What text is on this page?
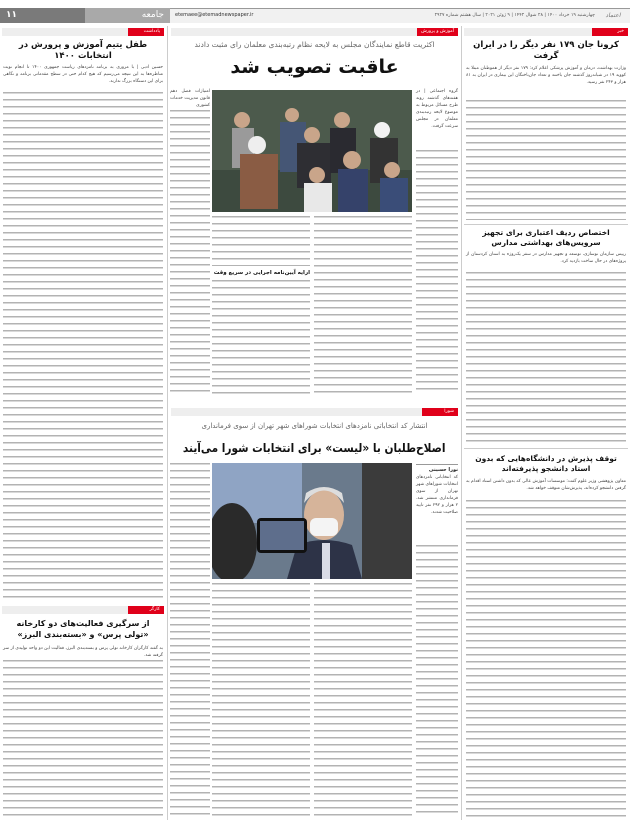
۱۱	جامعه	etemaee@etemadnewspaper.ir	چهارشنبه ۱۹ خرداد ۱۴۰۰ | ۲۸ شوال ۱۴۴۲ | ۹ ژوئن ۲۰۲۱ | سال هشتم شماره ۲۹۲۷	اعتماد
یادداشت
طفل یتیم آموزش و پرورش در انتخابات ۱۴۰۰
حسین ادبی | با مروری به برنامه نامزدهای ریاست جمهوری ۱۴۰۰ تا انجام نوبت مناظره‌ها به این نتیجه می‌رسیم که هیچ کدام حتی در سطح مقدماتی برنامه و نگاهی برای این دستگاه بزرگ ندارند.
کارگر
از سرگیری فعالیت‌های دو کارخانه «تولی پرس» و «بسته‌بندی البرز»
به گفته کارگران کارخانه تولی پرس و بسته‌بندی البرز، فعالیت این دو واحد تولیدی از سر گرفته شد.
آموزش و پرورش
اکثریت قاطع نمایندگان مجلس به لایحه نظام رتبه‌بندی معلمان رای مثبت دادند
عاقبت تصویب شد
گروه اجتماعی | در هفته‌های گذشته روند طرح مسائل مربوط به موضوع لایحه رتبه‌بندی معلمان در مجلس سرعت گرفت.
امتیازات فصل دهم قانون مدیریت خدمات کشوری
ارایه آیین‌نامه اجرایی در سریع وقت
شورا
انتشار کد انتخاباتی نامزدهای انتخابات شوراهای شهر تهران از سوی فرمانداری
اصلاح‌طلبان با «لیست» برای انتخابات شورا می‌آیند
نورا حسینی
کد انتخاباتی نامزدهای انتخابات شوراهای شهر تهران از سوی فرمانداری منتشر شد. ۲ هزار و ۲۹۲ نفر تایید صلاحیت شدند.
خبر
کرونا جان ۱۷۹ نفر دیگر را در ایران گرفت
وزارت بهداشت، درمان و آموزش پزشکی اعلام کرد: ۱۷۹ نفر دیگر از هموطنان مبتلا به کووید ۱۹ در شبانه‌روز گذشته جان باختند و تعداد جان‌باختگان این بیماری در ایران به ۸۱ هزار و ۲۴۳ نفر رسید.
اختصاص ردیف اعتباری برای تجهیز سرویس‌های بهداشتی مدارس
رییس سازمان نوسازی، توسعه و تجهیز مدارس در سفر یک‌روزه به استان کردستان از پروژه‌های در حال ساخت بازدید کرد.
توقف پذیرش در دانشگاه‌هایی که بدون استاد دانشجو پذیرفته‌اند
معاون پژوهشی وزیر علوم گفت: موسسات آموزش عالی که بدون داشتن استاد اقدام به گرفتن دانشجو کرده‌اند، پذیرش‌شان متوقف خواهد شد.
